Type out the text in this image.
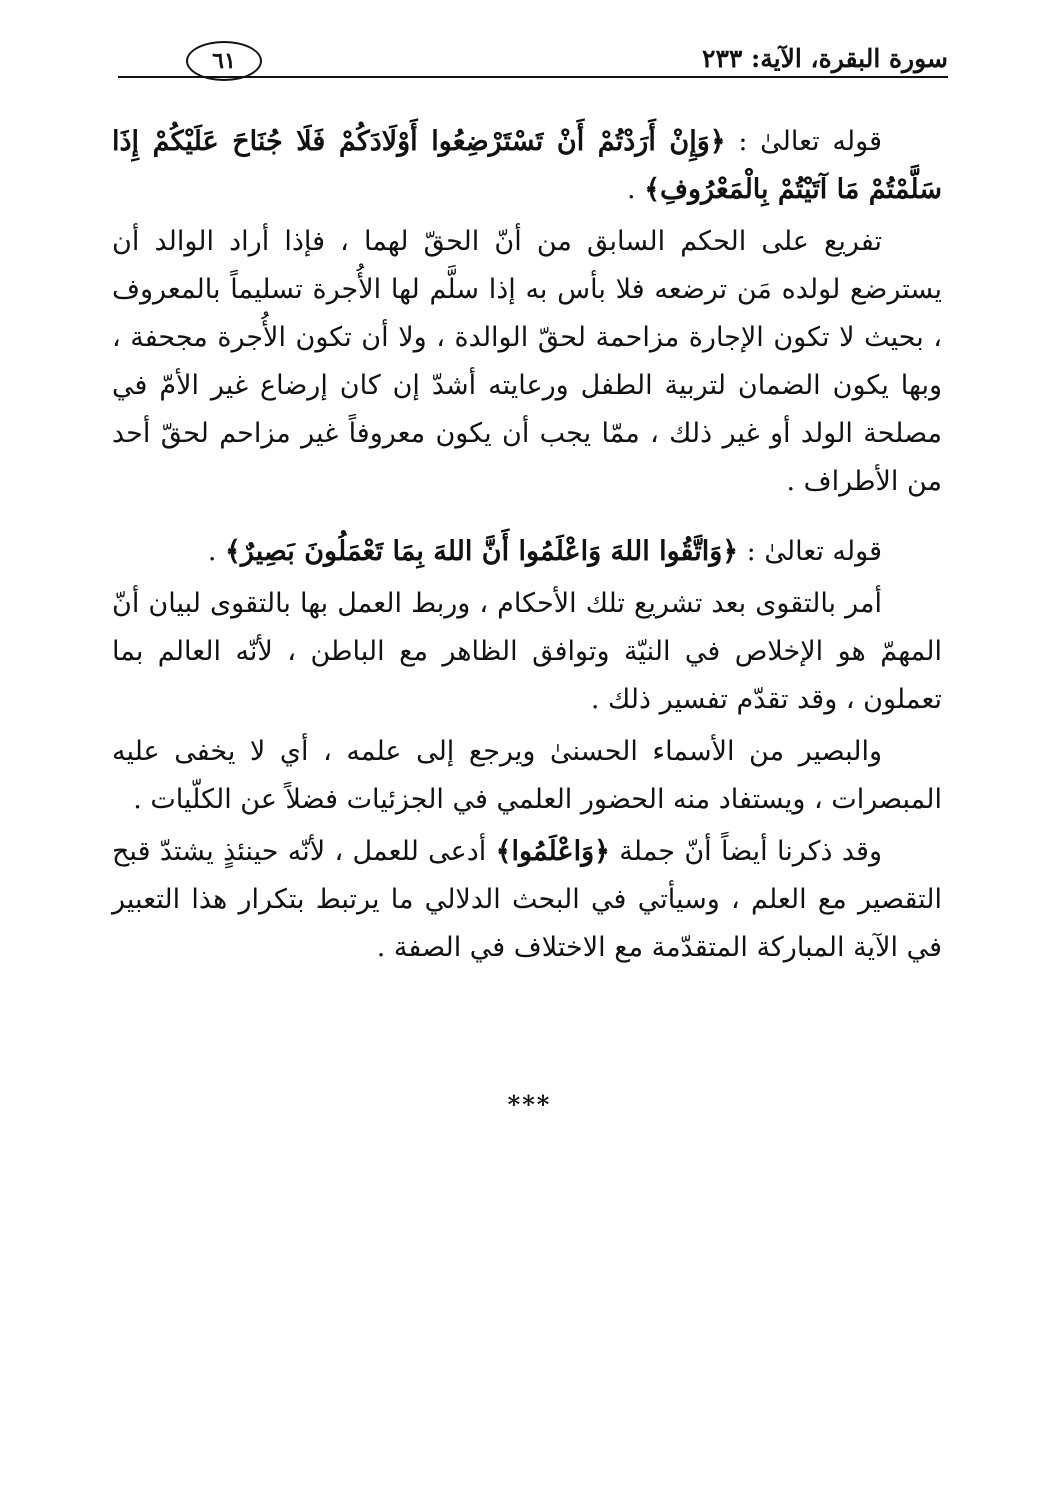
سورة البقرة، الآية: ٢٣٣
٦١

قوله تعالىٰ : ﴿وَإِنْ أَرَدْتُمْ أَنْ تَسْتَرْضِعُوا أَوْلَادَكُمْ فَلَا جُنَاحَ عَلَيْكُمْ إِذَا سَلَّمْتُمْ مَا آتَيْتُمْ بِالْمَعْرُوفِ﴾ .

تفريع على الحكم السابق من أنّ الحقّ لهما ، فإذا أراد الوالد أن يسترضع لولده مَن ترضعه فلا بأس به إذا سلَّم لها الأُجرة تسليماً بالمعروف ، بحيث لا تكون الإجارة مزاحمة لحقّ الوالدة ، ولا أن تكون الأُجرة مجحفة ، وبها يكون الضمان لتربية الطفل ورعايته أشدّ إن كان إرضاع غير الأمّ في مصلحة الولد أو غير ذلك ، ممّا يجب أن يكون معروفاً غير مزاحم لحقّ أحد من الأطراف .

قوله تعالىٰ : ﴿وَاتَّقُوا اللهَ وَاعْلَمُوا أَنَّ اللهَ بِمَا تَعْمَلُونَ بَصِيرٌ﴾ .

أمر بالتقوى بعد تشريع تلك الأحكام ، وربط العمل بها بالتقوى لبيان أنّ المهمّ هو الإخلاص في النيّة وتوافق الظاهر مع الباطن ، لأنّه العالم بما تعملون ، وقد تقدّم تفسير ذلك .

والبصير من الأسماء الحسنىٰ ويرجع إلى علمه ، أي لا يخفى عليه المبصرات ، ويستفاد منه الحضور العلمي في الجزئيات فضلاً عن الكلّيات .

وقد ذكرنا أيضاً أنّ جملة ﴿وَاعْلَمُوا﴾ أدعى للعمل ، لأنّه حينئذٍ يشتدّ قبح التقصير مع العلم ، وسيأتي في البحث الدلالي ما يرتبط بتكرار هذا التعبير في الآية المباركة المتقدّمة مع الاختلاف في الصفة .

***
